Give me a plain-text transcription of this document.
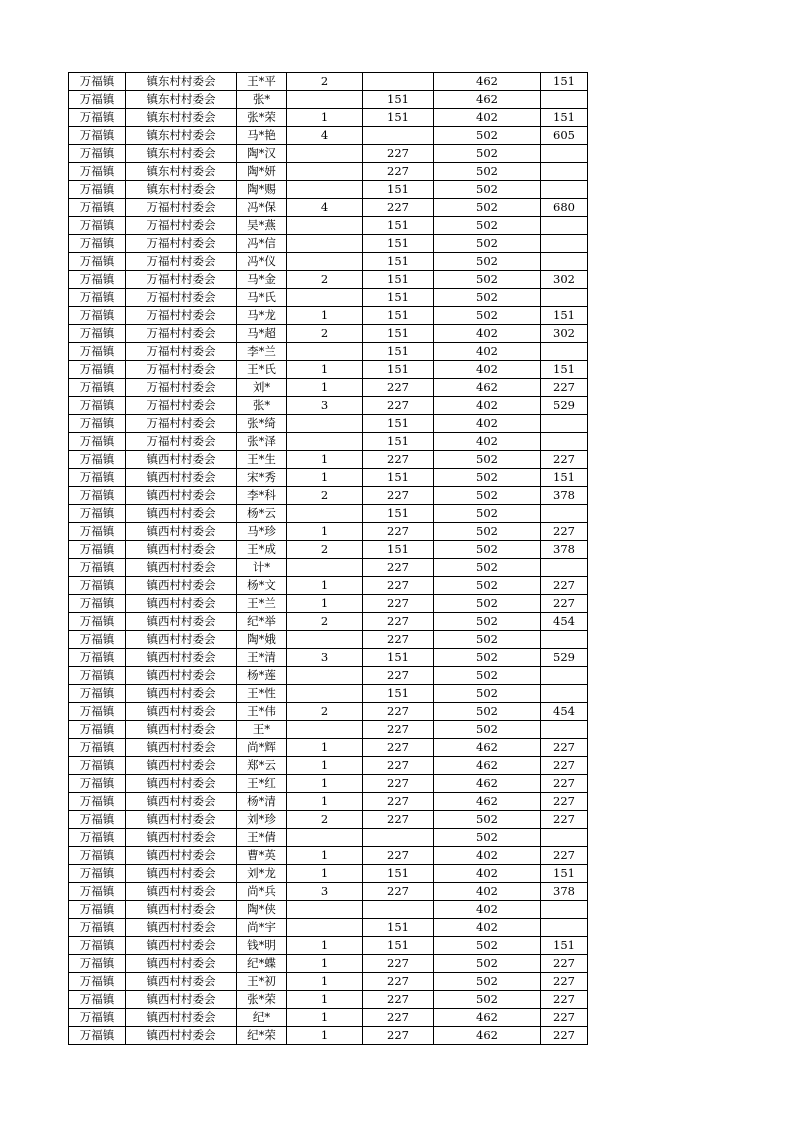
万福镇	镇东村村委会	王*平	2		462	151
万福镇	镇东村村委会	张*		151	462	
万福镇	镇东村村委会	张*荣	1	151	402	151
万福镇	镇东村村委会	马*艳	4		502	605
万福镇	镇东村村委会	陶*汉		227	502	
万福镇	镇东村村委会	陶*妍		227	502	
万福镇	镇东村村委会	陶*赐		151	502	
万福镇	万福村村委会	冯*保	4	227	502	680
万福镇	万福村村委会	吴*燕		151	502	
万福镇	万福村村委会	冯*信		151	502	
万福镇	万福村村委会	冯*仪		151	502	
万福镇	万福村村委会	马*金	2	151	502	302
万福镇	万福村村委会	马*氏		151	502	
万福镇	万福村村委会	马*龙	1	151	502	151
万福镇	万福村村委会	马*超	2	151	402	302
万福镇	万福村村委会	李*兰		151	402	
万福镇	万福村村委会	王*氏	1	151	402	151
万福镇	万福村村委会	刘*	1	227	462	227
万福镇	万福村村委会	张*	3	227	402	529
万福镇	万福村村委会	张*绮		151	402	
万福镇	万福村村委会	张*泽		151	402	
万福镇	镇西村村委会	王*生	1	227	502	227
万福镇	镇西村村委会	宋*秀	1	151	502	151
万福镇	镇西村村委会	李*科	2	227	502	378
万福镇	镇西村村委会	杨*云		151	502	
万福镇	镇西村村委会	马*珍	1	227	502	227
万福镇	镇西村村委会	王*成	2	151	502	378
万福镇	镇西村村委会	计*		227	502	
万福镇	镇西村村委会	杨*文	1	227	502	227
万福镇	镇西村村委会	王*兰	1	227	502	227
万福镇	镇西村村委会	纪*举	2	227	502	454
万福镇	镇西村村委会	陶*娥		227	502	
万福镇	镇西村村委会	王*清	3	151	502	529
万福镇	镇西村村委会	杨*莲		227	502	
万福镇	镇西村村委会	王*性		151	502	
万福镇	镇西村村委会	王*伟	2	227	502	454
万福镇	镇西村村委会	王*		227	502	
万福镇	镇西村村委会	尚*辉	1	227	462	227
万福镇	镇西村村委会	郑*云	1	227	462	227
万福镇	镇西村村委会	王*红	1	227	462	227
万福镇	镇西村村委会	杨*清	1	227	462	227
万福镇	镇西村村委会	刘*珍	2	227	502	227
万福镇	镇西村村委会	王*倩			502	
万福镇	镇西村村委会	曹*英	1	227	402	227
万福镇	镇西村村委会	刘*龙	1	151	402	151
万福镇	镇西村村委会	尚*兵	3	227	402	378
万福镇	镇西村村委会	陶*侠			402	
万福镇	镇西村村委会	尚*宇		151	402	
万福镇	镇西村村委会	钱*明	1	151	502	151
万福镇	镇西村村委会	纪*蝶	1	227	502	227
万福镇	镇西村村委会	王*初	1	227	502	227
万福镇	镇西村村委会	张*荣	1	227	502	227
万福镇	镇西村村委会	纪*	1	227	462	227
万福镇	镇西村村委会	纪*荣	1	227	462	227
